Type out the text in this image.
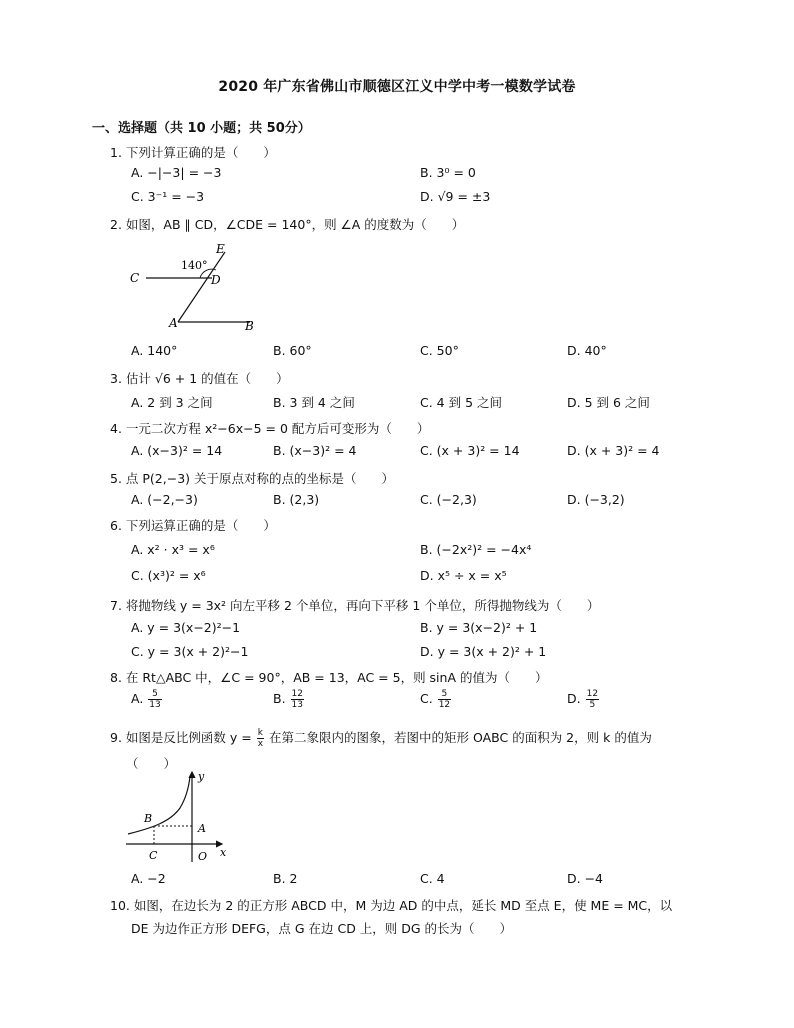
2020 年广东省佛山市顺德区江义中学中考一模数学试卷
一、选择题（共 10 小题；共 50分）
1. 下列计算正确的是（　　）
A. −|−3| = −3	B. 3⁰ = 0
C. 3⁻¹ = −3	D. √9 = ±3
2. 如图，AB ∥ CD，∠CDE = 140°，则 ∠A 的度数为（　　）
140°
C	D
E
A	B
A. 140°	B. 60°	C. 50°	D. 40°
3. 估计 √6 + 1 的值在（　　）
A. 2 到 3 之间	B. 3 到 4 之间	C. 4 到 5 之间	D. 5 到 6 之间
4. 一元二次方程 x²−6x−5 = 0 配方后可变形为（　　）
A. (x−3)² = 14	B. (x−3)² = 4	C. (x + 3)² = 14	D. (x + 3)² = 4
5. 点 P(2,−3) 关于原点对称的点的坐标是（　　）
A. (−2,−3)	B. (2,3)	C. (−2,3)	D. (−3,2)
6. 下列运算正确的是（　　）
A. x² · x³ = x⁶	B. (−2x²)² = −4x⁴
C. (x³)² = x⁶	D. x⁵ ÷ x = x⁵
7. 将抛物线 y = 3x² 向左平移 2 个单位，再向下平移 1 个单位，所得抛物线为（　　）
A. y = 3(x−2)²−1	B. y = 3(x−2)² + 1
C. y = 3(x + 2)²−1	D. y = 3(x + 2)² + 1
8. 在 Rt△ABC 中，∠C = 90°，AB = 13，AC = 5，则 sinA 的值为（　　）
A. $\frac{5}{13}$	B. $\frac{12}{13}$	C. $\frac{5}{12}$	D. $\frac{12}{5}$
9. 如图是反比例函数 $y = \frac{k}{x}$ 在第二象限内的图象，若图中的矩形 OABC 的面积为 2，则 k 的值为
（　　）
y
B
A
C	O x
A. −2	B. 2	C. 4	D. −4
10. 如图，在边长为 2 的正方形 ABCD 中，M 为边 AD 的中点，延长 MD 至点 E，使 ME = MC，以
DE 为边作正方形 DEFG，点 G 在边 CD 上，则 DG 的长为（　　）
